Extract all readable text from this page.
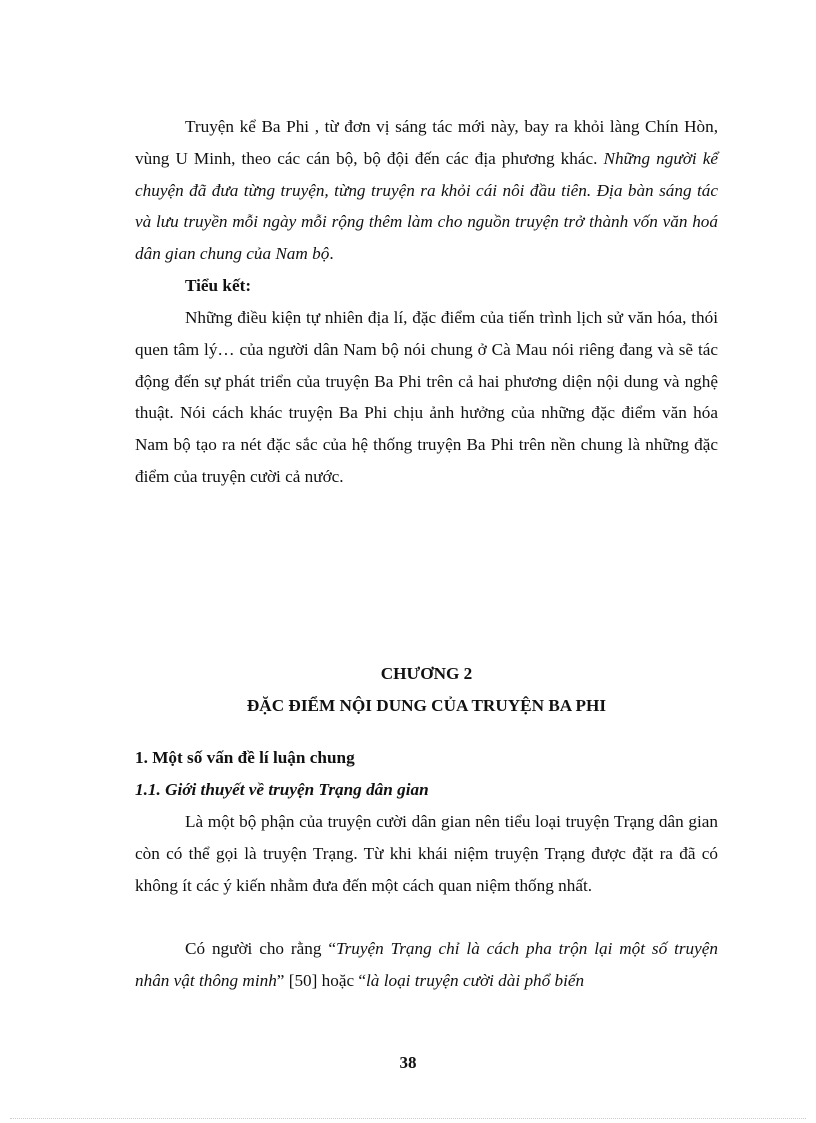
Truyện kể Ba Phi , từ đơn vị sáng tác mới này, bay ra khỏi làng Chín Hòn, vùng U Minh, theo các cán bộ, bộ đội đến các địa phương khác. Những người kể chuyện đã đưa từng truyện, từng truyện ra khỏi cái nôi đầu tiên. Địa bàn sáng tác và lưu truyền mỗi ngày mỗi rộng thêm làm cho nguồn truyện trở thành vốn văn hoá dân gian chung của Nam bộ.

Tiểu kết:

Những điều kiện tự nhiên địa lí, đặc điểm của tiến trình lịch sử văn hóa, thói quen tâm lý… của người dân Nam bộ nói chung ở Cà Mau nói riêng đang và sẽ tác động đến sự phát triển của truyện Ba Phi trên cả hai phương diện nội dung và nghệ thuật. Nói cách khác truyện Ba Phi chịu ảnh hưởng của những đặc điểm văn hóa Nam bộ tạo ra nét đặc sắc của hệ thống truyện Ba Phi trên nền chung là những đặc điểm của truyện cười cả nước.

CHƯƠNG 2
ĐẶC ĐIỂM NỘI DUNG CỦA TRUYỆN BA PHI
1. Một số vấn đề lí luận chung
1.1. Giới thuyết về truyện Trạng dân gian

Là một bộ phận của truyện cười dân gian nên tiểu loại truyện Trạng dân gian còn có thể gọi là truyện Trạng. Từ khi khái niệm truyện Trạng được đặt ra đã có không ít các ý kiến nhằm đưa đến một cách quan niệm thống nhất.

Có người cho rằng “Truyện Trạng chỉ là cách pha trộn lại một số truyện nhân vật thông minh” [50] hoặc “là loại truyện cười dài phổ biến

38
